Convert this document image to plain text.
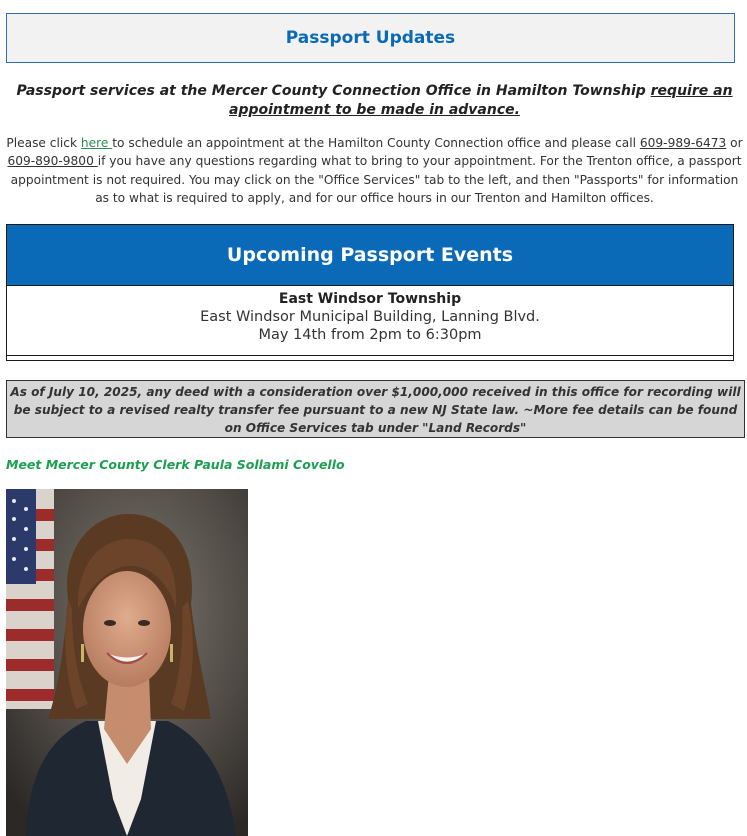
Passport Updates
Passport services at the Mercer County Connection Office in Hamilton Township require an appointment to be made in advance.
Please click here to schedule an appointment at the Hamilton County Connection office and please call 609-989-6473 or 609-890-9800 if you have any questions regarding what to bring to your appointment. For the Trenton office, a passport appointment is not required. You may click on the "Office Services" tab to the left, and then "Passports" for information as to what is required to apply, and for our office hours in our Trenton and Hamilton offices.
Upcoming Passport Events
East Windsor Township
East Windsor Municipal Building, Lanning Blvd.
May 14th from 2pm to 6:30pm
As of July 10, 2025, any deed with a consideration over $1,000,000 received in this office for recording will be subject to a revised realty transfer fee pursuant to a new NJ State law. ~More fee details can be found on Office Services tab under "Land Records"
Meet Mercer County Clerk Paula Sollami Covello
